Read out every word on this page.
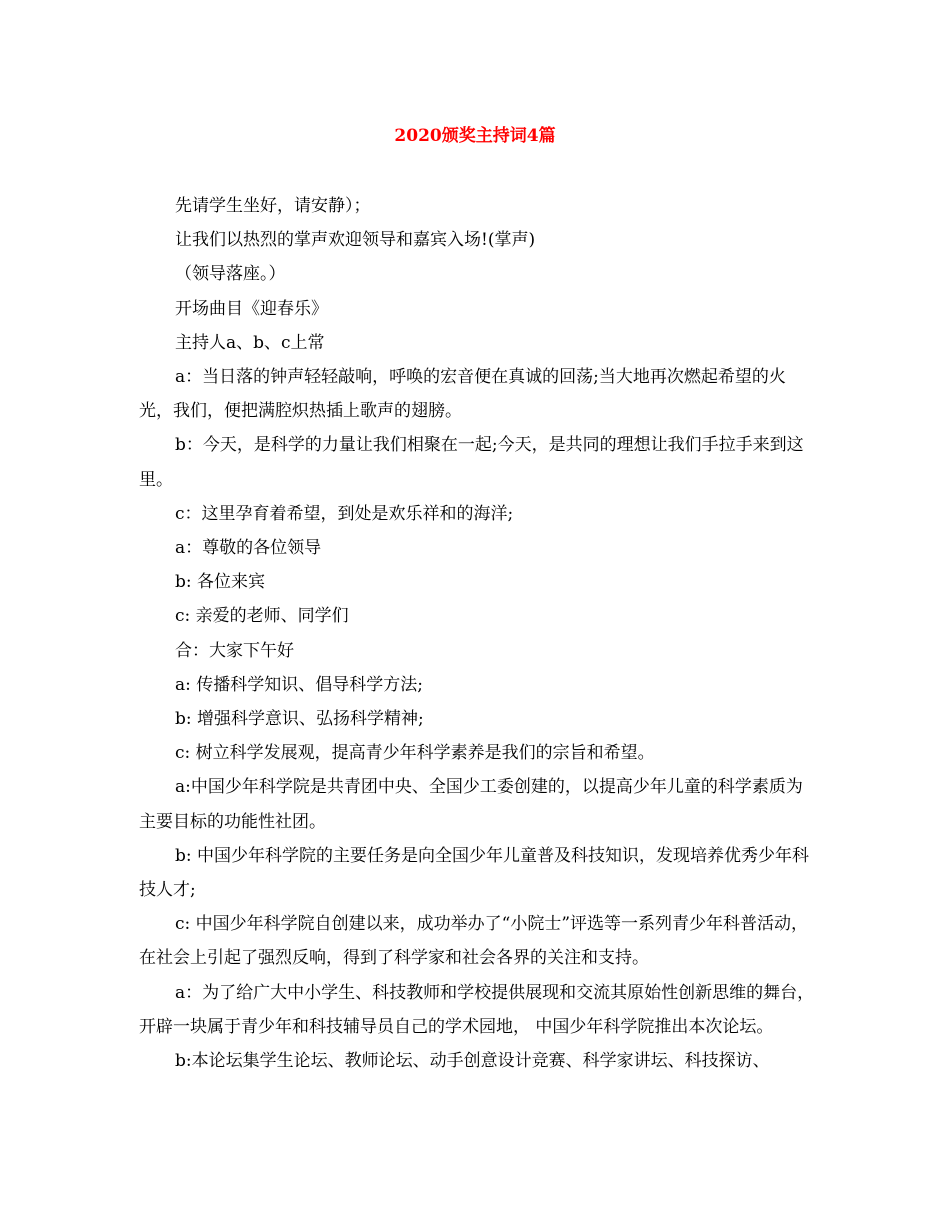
2020颁奖主持词4篇

先请学生坐好，请安静）；

让我们以热烈的掌声欢迎领导和嘉宾入场!(掌声)

（领导落座。）

开场曲目《迎春乐》

主持人a、b、c上常

a：当日落的钟声轻轻敲响，呼唤的宏音便在真诚的回荡;当大地再次燃起希望的火光，我们，便把满腔炽热插上歌声的翅膀。

b：今天，是科学的力量让我们相聚在一起;今天，是共同的理想让我们手拉手来到这里。

c：这里孕育着希望，到处是欢乐祥和的海洋;

a：尊敬的各位领导

b: 各位来宾

c: 亲爱的老师、同学们

合：大家下午好

a: 传播科学知识、倡导科学方法;

b: 增强科学意识、弘扬科学精神;

c: 树立科学发展观，提高青少年科学素养是我们的宗旨和希望。

a:中国少年科学院是共青团中央、全国少工委创建的，以提高少年儿童的科学素质为主要目标的功能性社团。

b: 中国少年科学院的主要任务是向全国少年儿童普及科技知识，发现培养优秀少年科技人才;

c: 中国少年科学院自创建以来，成功举办了“小院士”评选等一系列青少年科普活动，在社会上引起了强烈反响，得到了科学家和社会各界的关注和支持。

a：为了给广大中小学生、科技教师和学校提供展现和交流其原始性创新思维的舞台，开辟一块属于青少年和科技辅导员自己的学术园地， 中国少年科学院推出本次论坛。

b:本论坛集学生论坛、教师论坛、动手创意设计竞赛、科学家讲坛、科技探访、
